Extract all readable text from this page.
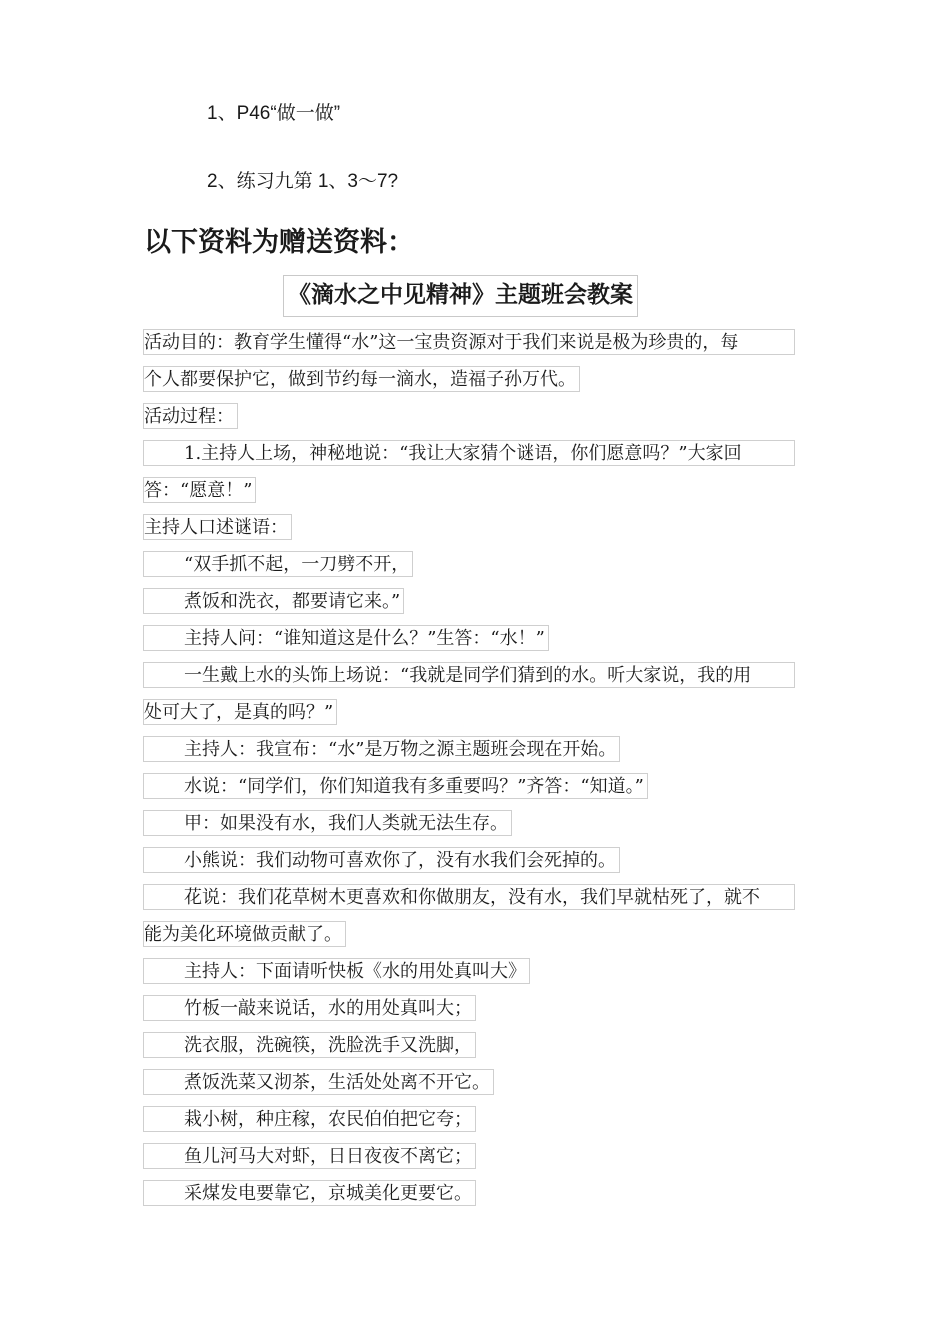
1、P46“做一做”
2、练习九第 1、3～7?
以下资料为赠送资料：
《滴水之中见精神》主题班会教案
活动目的：教育学生懂得“水”这一宝贵资源对于我们来说是极为珍贵的，每
个人都要保护它，做到节约每一滴水，造福子孙万代。
活动过程：
1.主持人上场，神秘地说：“我让大家猜个谜语，你们愿意吗？”大家回
答：“愿意！”
主持人口述谜语：
“双手抓不起，一刀劈不开，
煮饭和洗衣，都要请它来。”
主持人问：“谁知道这是什么？”生答：“水！”
一生戴上水的头饰上场说：“我就是同学们猜到的水。听大家说，我的用
处可大了，是真的吗？”
主持人：我宣布：“水”是万物之源主题班会现在开始。
水说：“同学们，你们知道我有多重要吗？”齐答：“知道。”
甲：如果没有水，我们人类就无法生存。
小熊说：我们动物可喜欢你了，没有水我们会死掉的。
花说：我们花草树木更喜欢和你做朋友，没有水，我们早就枯死了，就不
能为美化环境做贡献了。
主持人：下面请听快板《水的用处真叫大》
竹板一敲来说话，水的用处真叫大；
洗衣服，洗碗筷，洗脸洗手又洗脚，
煮饭洗菜又沏茶，生活处处离不开它。
栽小树，种庄稼，农民伯伯把它夸；
鱼儿河马大对虾，日日夜夜不离它；
采煤发电要靠它，京城美化更要它。
